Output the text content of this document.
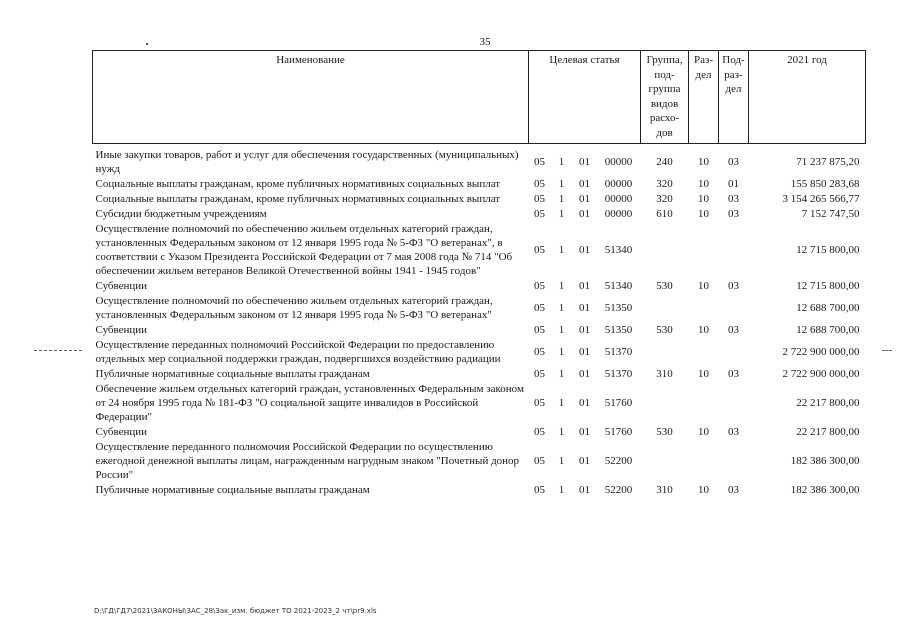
35
Наименование	Целевая статья				Группа, под- группа видов расхо- дов	Раз- дел	Под- раз- дел	2021 год

Иные закупки товаров, работ и услуг для обеспечения государственных (муниципальных) нужд	05	1	01	00000	240	10	03	71 237 875,20
Социальные выплаты гражданам, кроме публичных нормативных социальных выплат	05	1	01	00000	320	10	01	155 850 283,68
Социальные выплаты гражданам, кроме публичных нормативных социальных выплат	05	1	01	00000	320	10	03	3 154 265 566,77
Субсидии бюджетным учреждениям	05	1	01	00000	610	10	03	7 152 747,50
Осуществление полномочий по обеспечению жильем отдельных категорий граждан, установленных Федеральным законом от 12 января 1995 года № 5-ФЗ "О ветеранах", в соответствии с Указом Президента Российской Федерации от 7 мая 2008 года № 714 "Об обеспечении жильем ветеранов Великой Отечественной войны 1941 - 1945 годов"	05	1	01	51340				12 715 800,00
Субвенции	05	1	01	51340	530	10	03	12 715 800,00
Осуществление полномочий по обеспечению жильем отдельных категорий граждан, установленных Федеральным законом от 12 января 1995 года № 5-ФЗ "О ветеранах"	05	1	01	51350				12 688 700,00
Субвенции	05	1	01	51350	530	10	03	12 688 700,00
Осуществление переданных полномочий Российской Федерации по предоставлению отдельных мер социальной поддержки граждан, подвергшихся воздействию радиации	05	1	01	51370				2 722 900 000,00
Публичные нормативные социальные выплаты гражданам	05	1	01	51370	310	10	03	2 722 900 000,00
Обеспечение жильем отдельных категорий граждан, установленных Федеральным законом от 24 ноября 1995 года № 181-ФЗ "О социальной защите инвалидов в Российской Федерации"	05	1	01	51760				22 217 800,00
Субвенции	05	1	01	51760	530	10	03	22 217 800,00
Осуществление переданного полномочия Российской Федерации по осуществлению ежегодной денежной выплаты лицам, награжденным нагрудным знаком "Почетный донор России"	05	1	01	52200				182 386 300,00
Публичные нормативные социальные выплаты гражданам	05	1	01	52200	310	10	03	182 386 300,00
D:\ГД\ГД7\2021\ЗАКОНЫ\ЗАС_28\Зак_изм. бюджет ТО 2021-2023_2 чт\pr9.xls
